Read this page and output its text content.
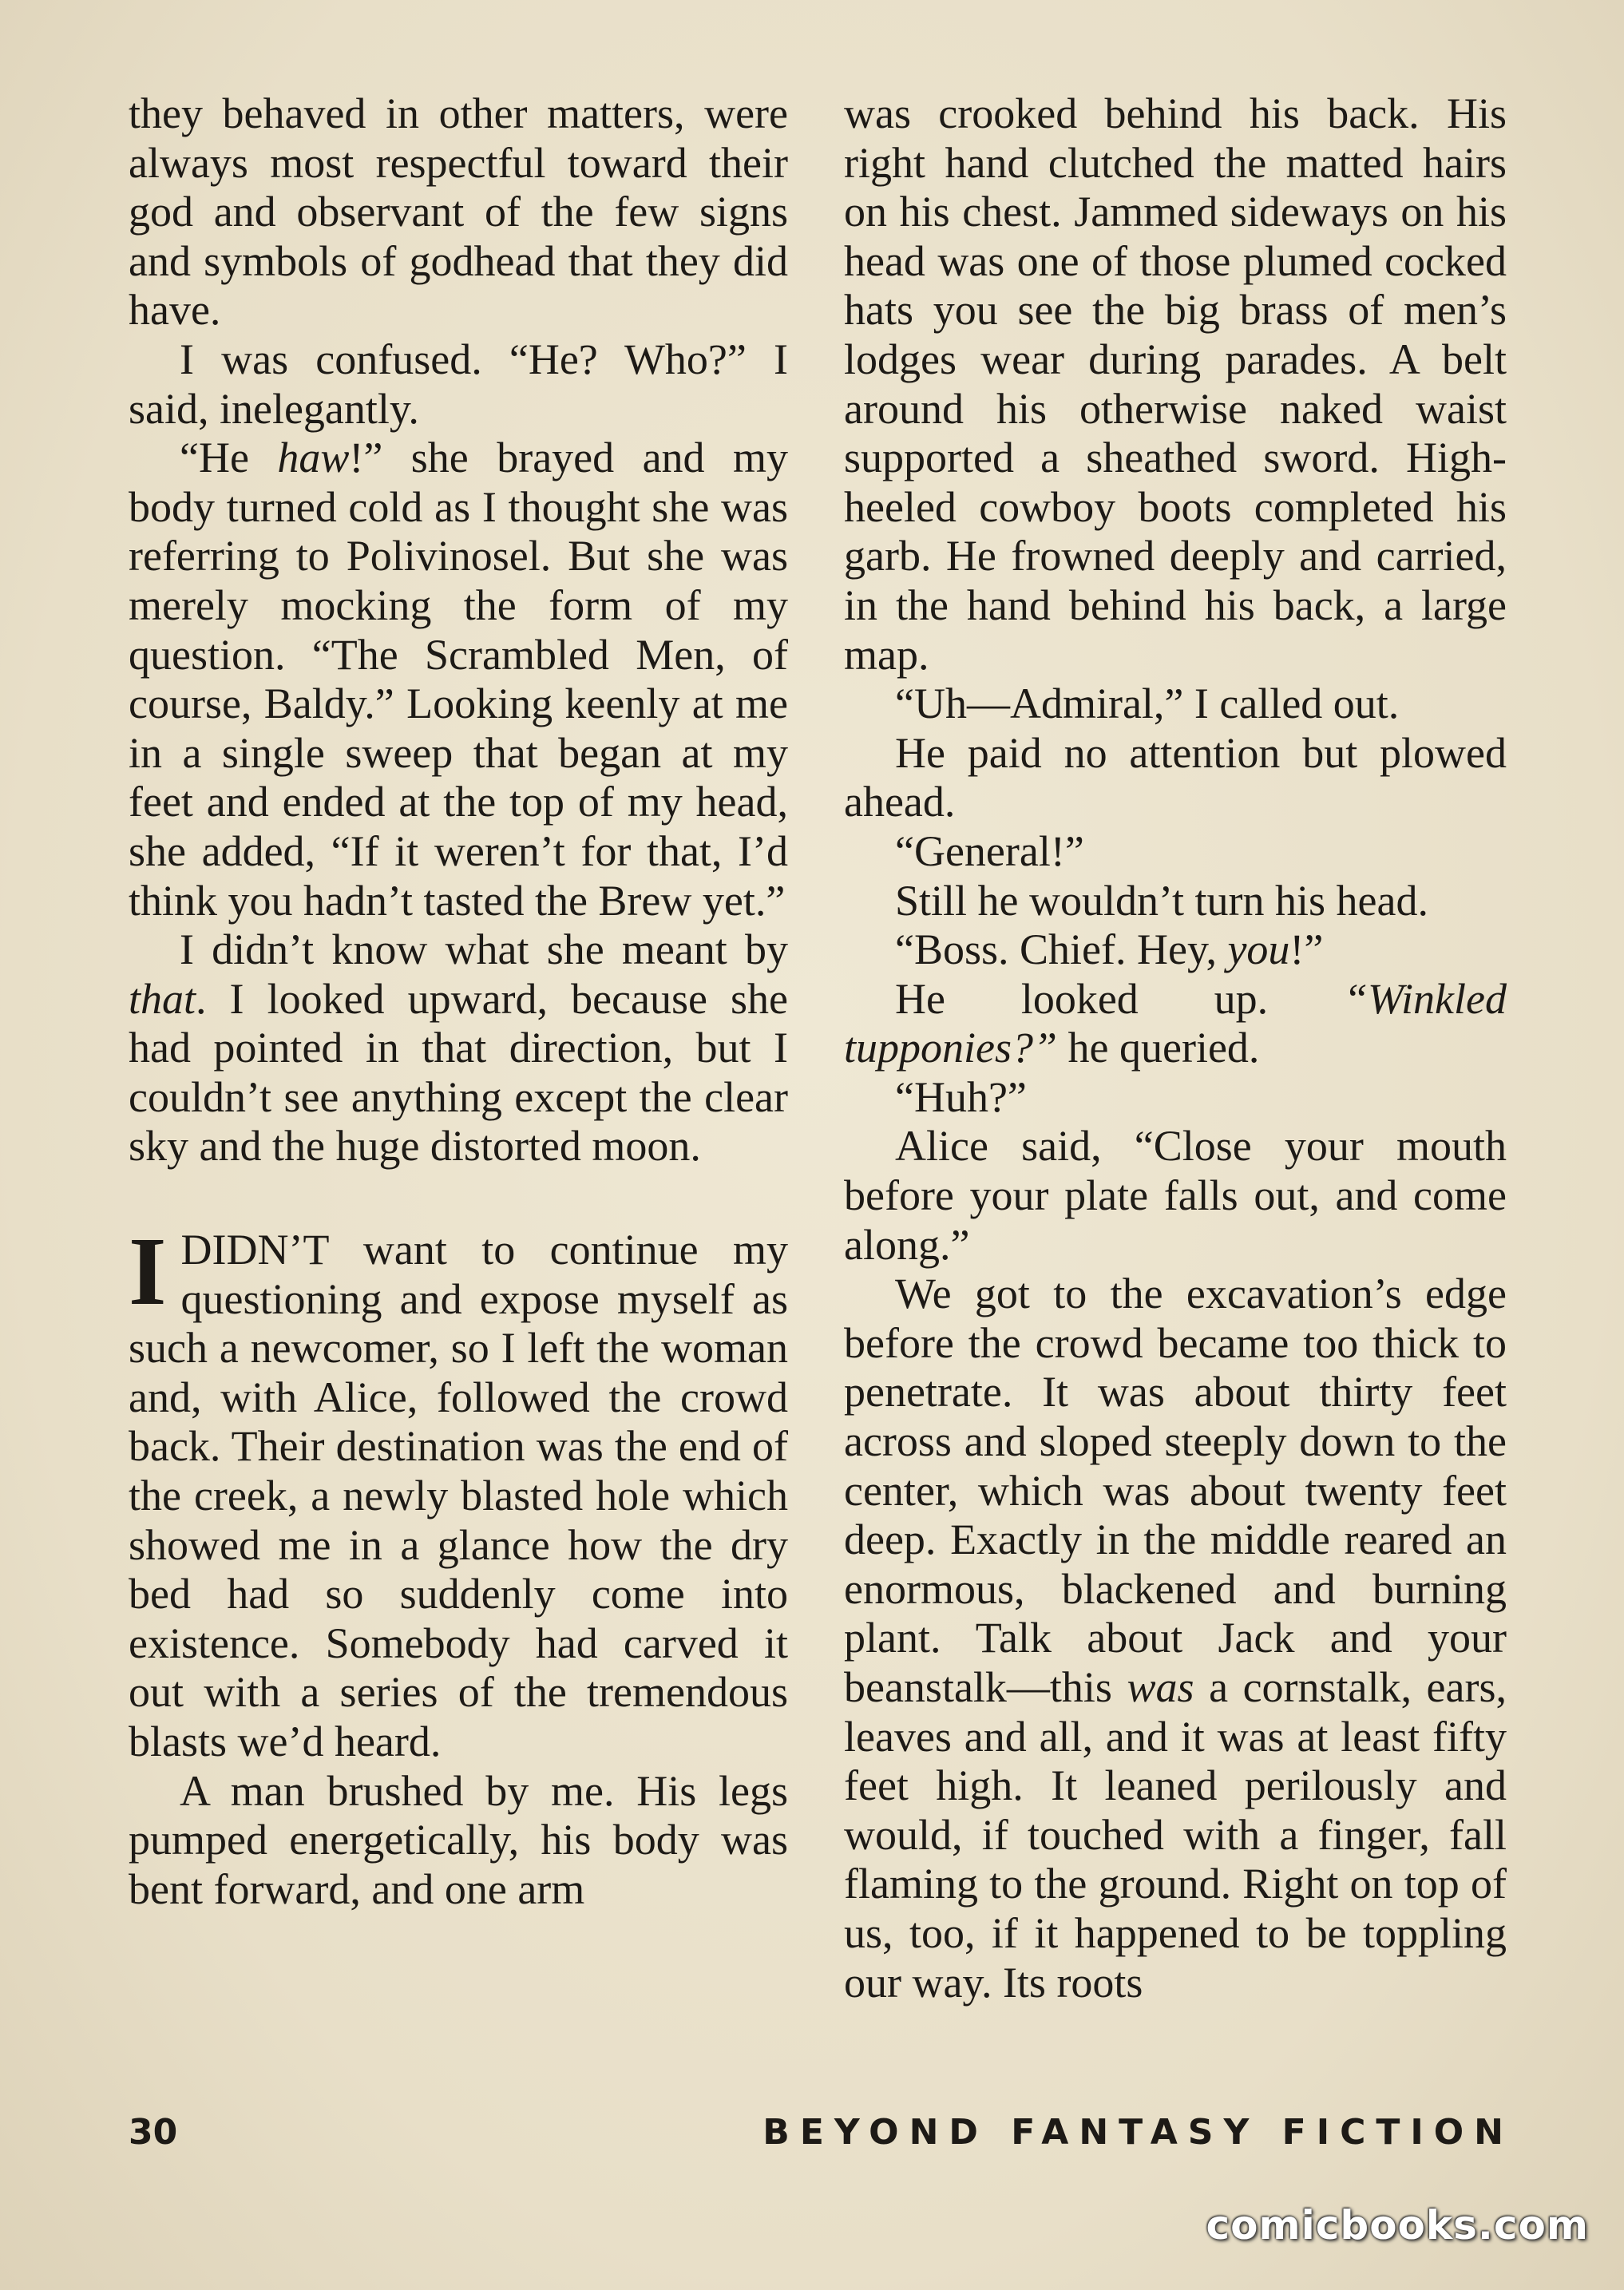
they behaved in other matters, were always most respectful toward their god and observant of the few signs and symbols of godhead that they did have.

I was confused. “He? Who?” I said, inelegantly.

“He haw!” she brayed and my body turned cold as I thought she was referring to Polivinosel. But she was merely mocking the form of my question. “The Scrambled Men, of course, Baldy.” Looking keenly at me in a single sweep that began at my feet and ended at the top of my head, she added, “If it weren’t for that, I’d think you hadn’t tasted the Brew yet.”

I didn’t know what she meant by that. I looked upward, because she had pointed in that direction, but I couldn’t see anything except the clear sky and the huge distorted moon.

IDIDN’T want to continue my questioning and expose myself as such a newcomer, so I left the woman and, with Alice, followed the crowd back. Their destination was the end of the creek, a newly blasted hole which showed me in a glance how the dry bed had so suddenly come into existence. Somebody had carved it out with a series of the tremendous blasts we’d heard.

A man brushed by me. His legs pumped energetically, his body was bent forward, and one arm

was crooked behind his back. His right hand clutched the matted hairs on his chest. Jammed sideways on his head was one of those plumed cocked hats you see the big brass of men’s lodges wear during parades. A belt around his otherwise naked waist supported a sheathed sword. High-heeled cowboy boots completed his garb. He frowned deeply and carried, in the hand behind his back, a large map.

“Uh—Admiral,” I called out.

He paid no attention but plowed ahead.

“General!”

Still he wouldn’t turn his head.

“Boss. Chief. Hey, you!”

He looked up. “Winkled tupponies?” he queried.

“Huh?”

Alice said, “Close your mouth before your plate falls out, and come along.”

We got to the excavation’s edge before the crowd became too thick to penetrate. It was about thirty feet across and sloped steeply down to the center, which was about twenty feet deep. Exactly in the middle reared an enormous, blackened and burning plant. Talk about Jack and your beanstalk—this was a cornstalk, ears, leaves and all, and it was at least fifty feet high. It leaned perilously and would, if touched with a finger, fall flaming to the ground. Right on top of us, too, if it happened to be toppling our way. Its roots

30	BEYOND FANTASY FICTION
comicbooks.com
